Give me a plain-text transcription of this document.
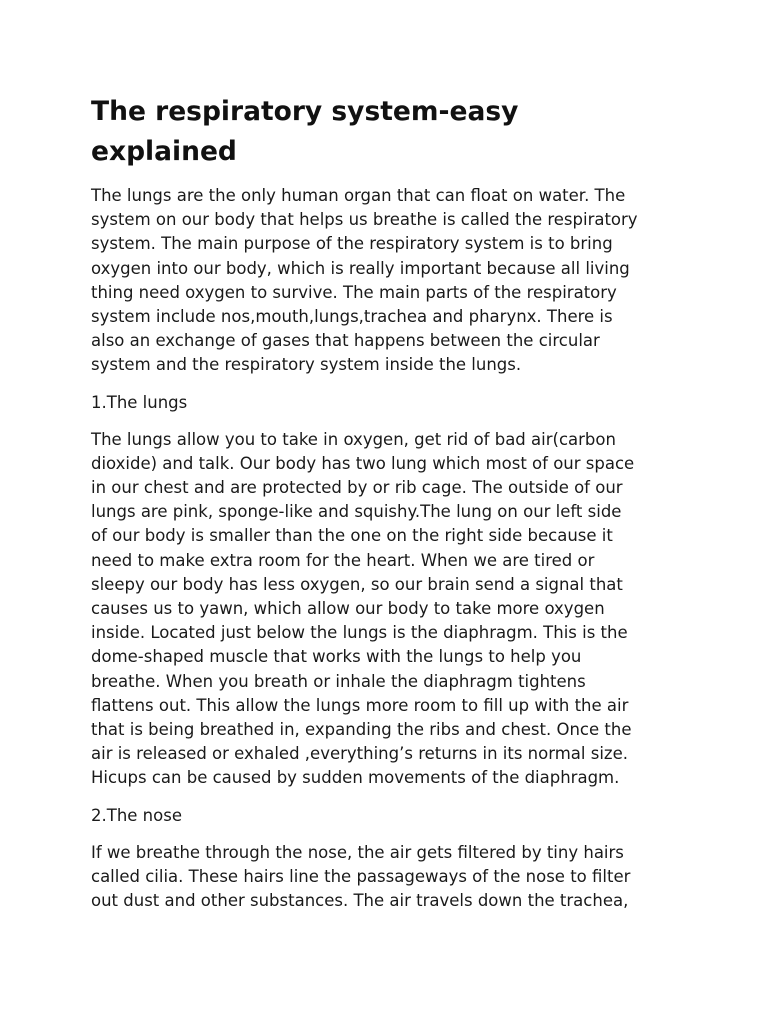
The respiratory system-easy
explained
The lungs are the only human organ that can float on water. The
system on our body that helps us breathe is called the respiratory
system. The main purpose of the respiratory system is to bring
oxygen into our body, which is really important because all living
thing need oxygen to survive. The main parts of the respiratory
system include nos,mouth,lungs,trachea and pharynx. There is
also an exchange of gases that happens between the circular
system and the respiratory system inside the lungs.
1.The lungs
The lungs allow you to take in oxygen, get rid of bad air(carbon
dioxide) and talk. Our body has two lung which most of our space
in our chest and are protected by or rib cage. The outside of our
lungs are pink, sponge-like and squishy.The lung on our left side
of our body is smaller than the one on the right side because it
need to make extra room for the heart. When we are tired or
sleepy our body has less oxygen, so our brain send a signal that
causes us to yawn, which allow our body to take more oxygen
inside. Located just below the lungs is the diaphragm. This is the
dome-shaped muscle that works with the lungs to help you
breathe. When you breath or inhale the diaphragm tightens
flattens out. This allow the lungs more room to fill up with the air
that is being breathed in, expanding the ribs and chest. Once the
air is released or exhaled ,everything’s returns in its normal size.
Hicups can be caused by sudden movements of the diaphragm.
2.The nose
If we breathe through the nose, the air gets filtered by tiny hairs
called cilia. These hairs line the passageways of the nose to filter
out dust and other substances. The air travels down the trachea,
